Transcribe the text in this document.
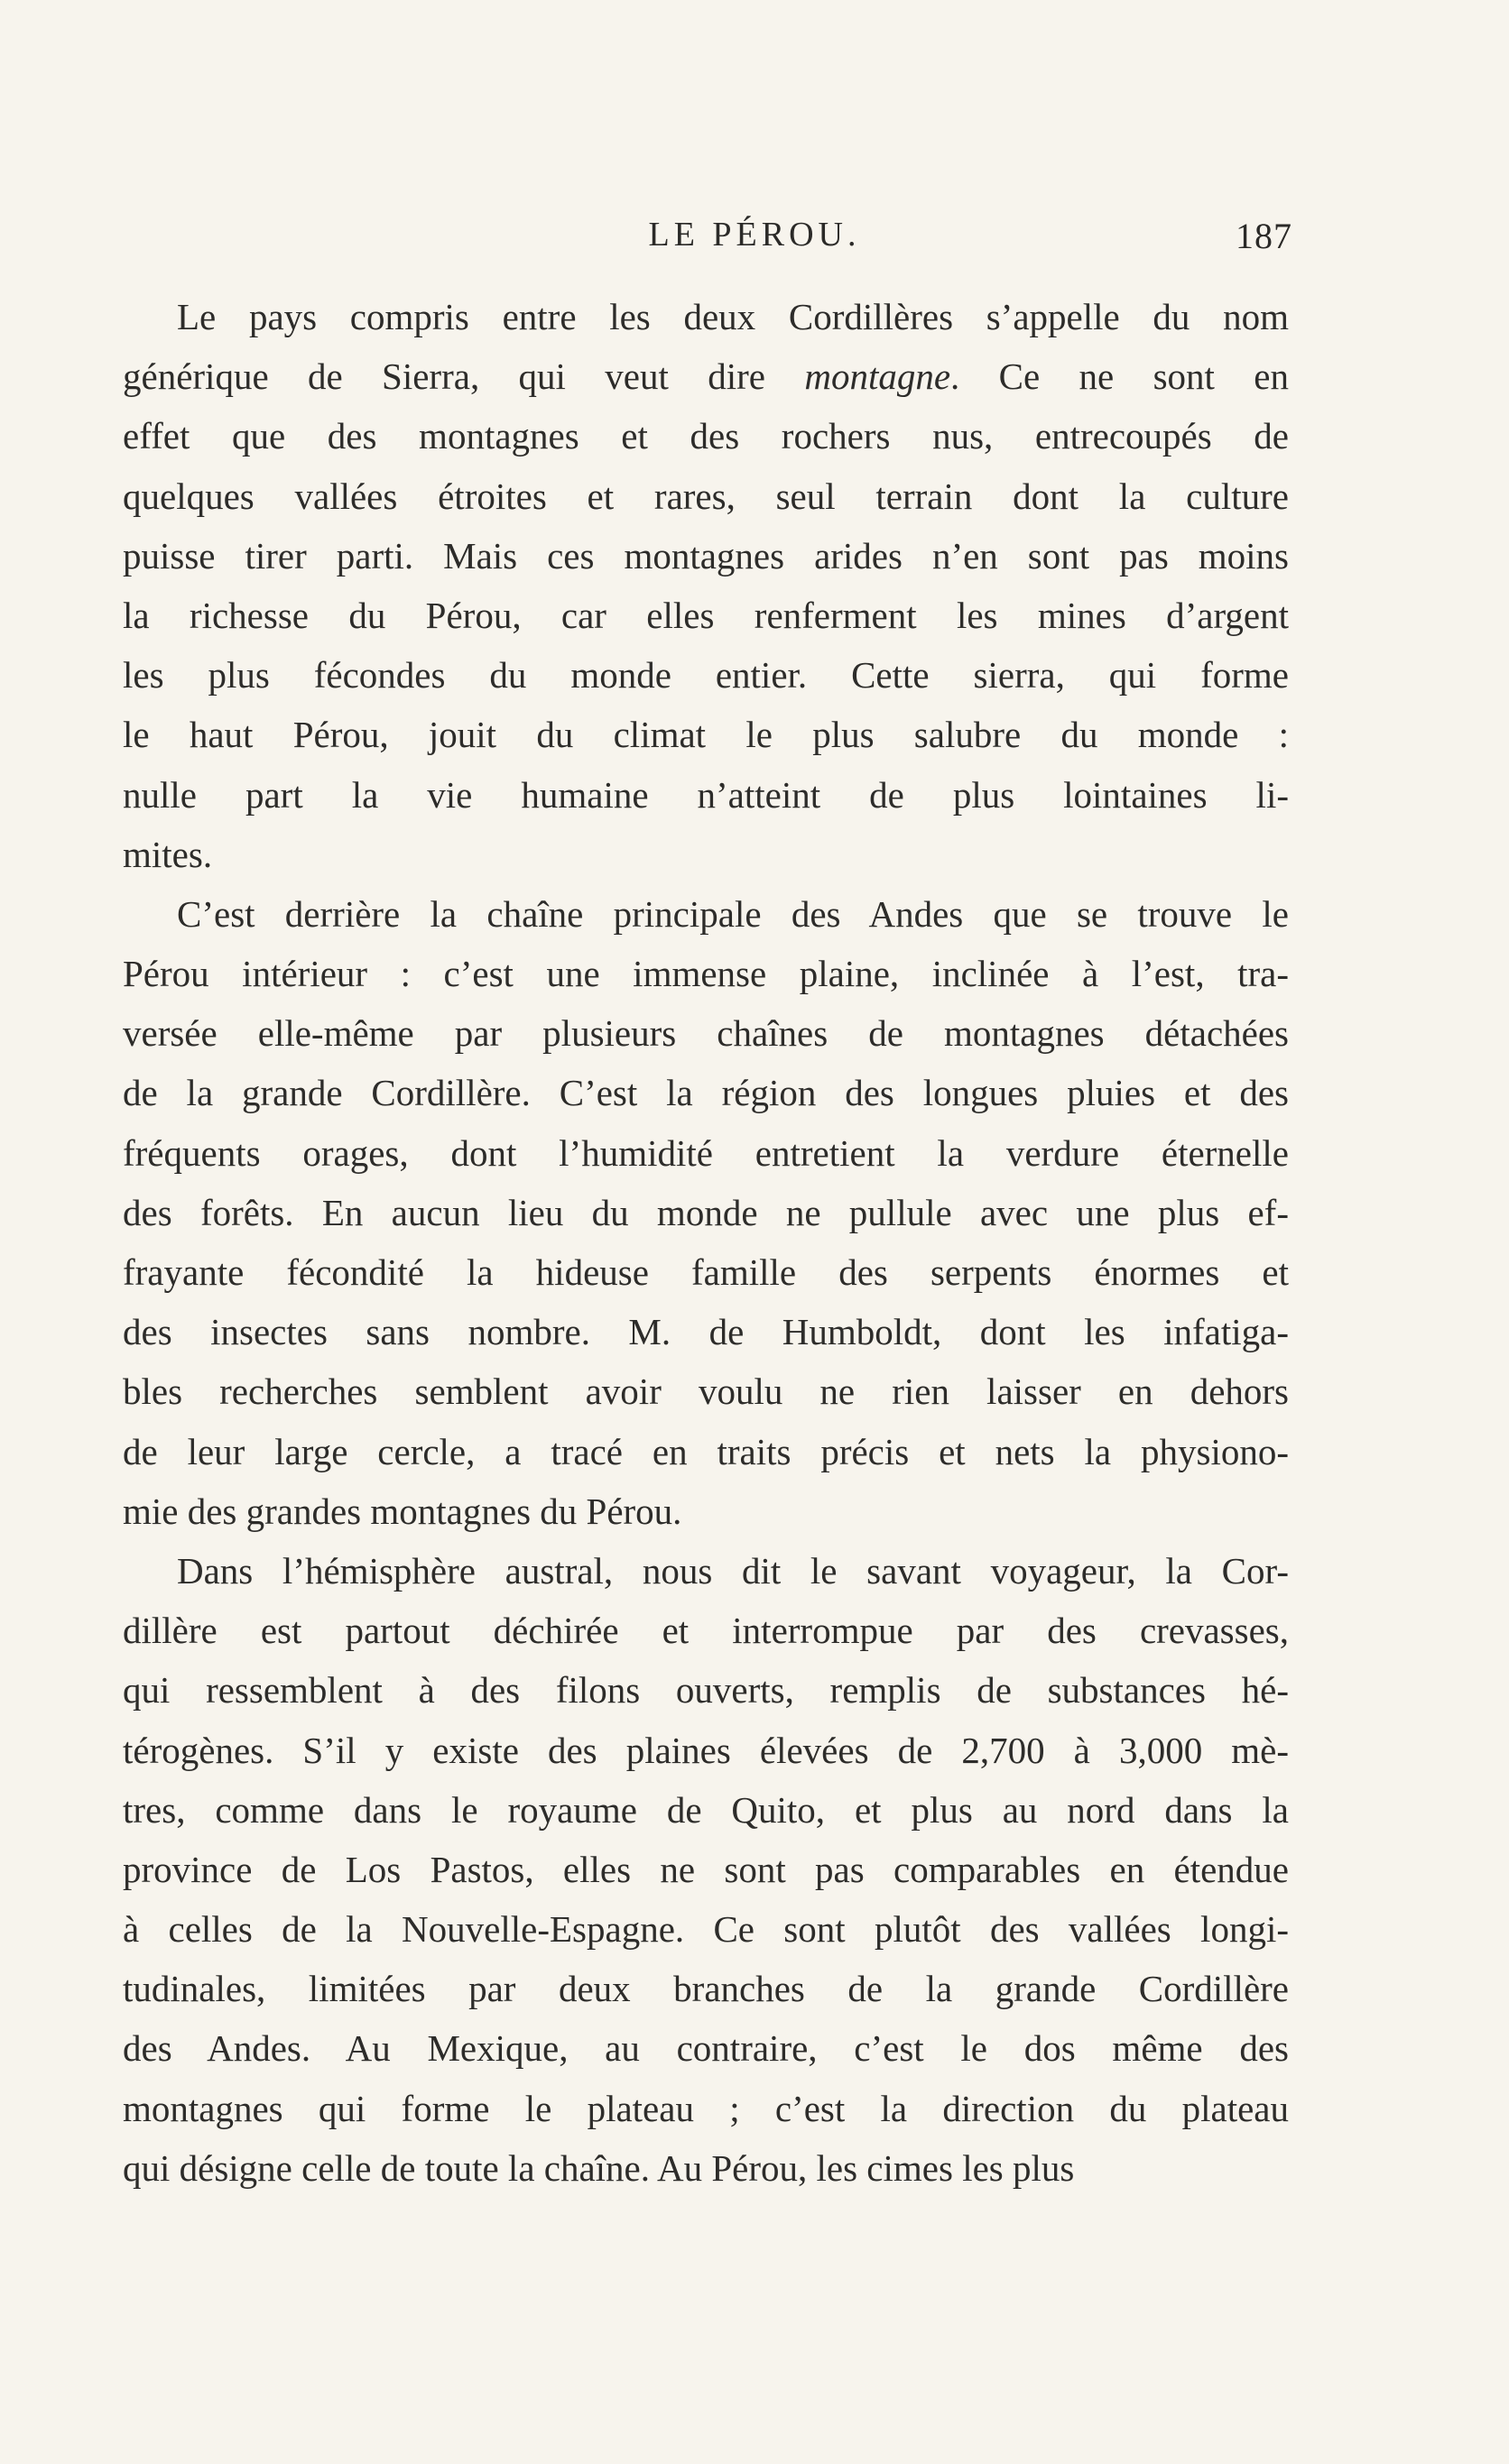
LE PÉROU.	187
Le pays compris entre les deux Cordillères s’appelle du nom
générique de Sierra, qui veut dire montagne. Ce ne sont en
effet que des montagnes et des rochers nus, entrecoupés de
quelques vallées étroites et rares, seul terrain dont la culture
puisse tirer parti. Mais ces montagnes arides n’en sont pas moins
la richesse du Pérou, car elles renferment les mines d’argent
les plus fécondes du monde entier. Cette sierra, qui forme
le haut Pérou, jouit du climat le plus salubre du monde :
nulle part la vie humaine n’atteint de plus lointaines li-
mites.
C’est derrière la chaîne principale des Andes que se trouve le
Pérou intérieur : c’est une immense plaine, inclinée à l’est, tra-
versée elle-même par plusieurs chaînes de montagnes détachées
de la grande Cordillère. C’est la région des longues pluies et des
fréquents orages, dont l’humidité entretient la verdure éternelle
des forêts. En aucun lieu du monde ne pullule avec une plus ef-
frayante fécondité la hideuse famille des serpents énormes et
des insectes sans nombre. M. de Humboldt, dont les infatiga-
bles recherches semblent avoir voulu ne rien laisser en dehors
de leur large cercle, a tracé en traits précis et nets la physiono-
mie des grandes montagnes du Pérou.
Dans l’hémisphère austral, nous dit le savant voyageur, la Cor-
dillère est partout déchirée et interrompue par des crevasses,
qui ressemblent à des filons ouverts, remplis de substances hé-
térogènes. S’il y existe des plaines élevées de 2,700 à 3,000 mè-
tres, comme dans le royaume de Quito, et plus au nord dans la
province de Los Pastos, elles ne sont pas comparables en étendue
à celles de la Nouvelle-Espagne. Ce sont plutôt des vallées longi-
tudinales, limitées par deux branches de la grande Cordillère
des Andes. Au Mexique, au contraire, c’est le dos même des
montagnes qui forme le plateau ; c’est la direction du plateau
qui désigne celle de toute la chaîne. Au Pérou, les cimes les plus
